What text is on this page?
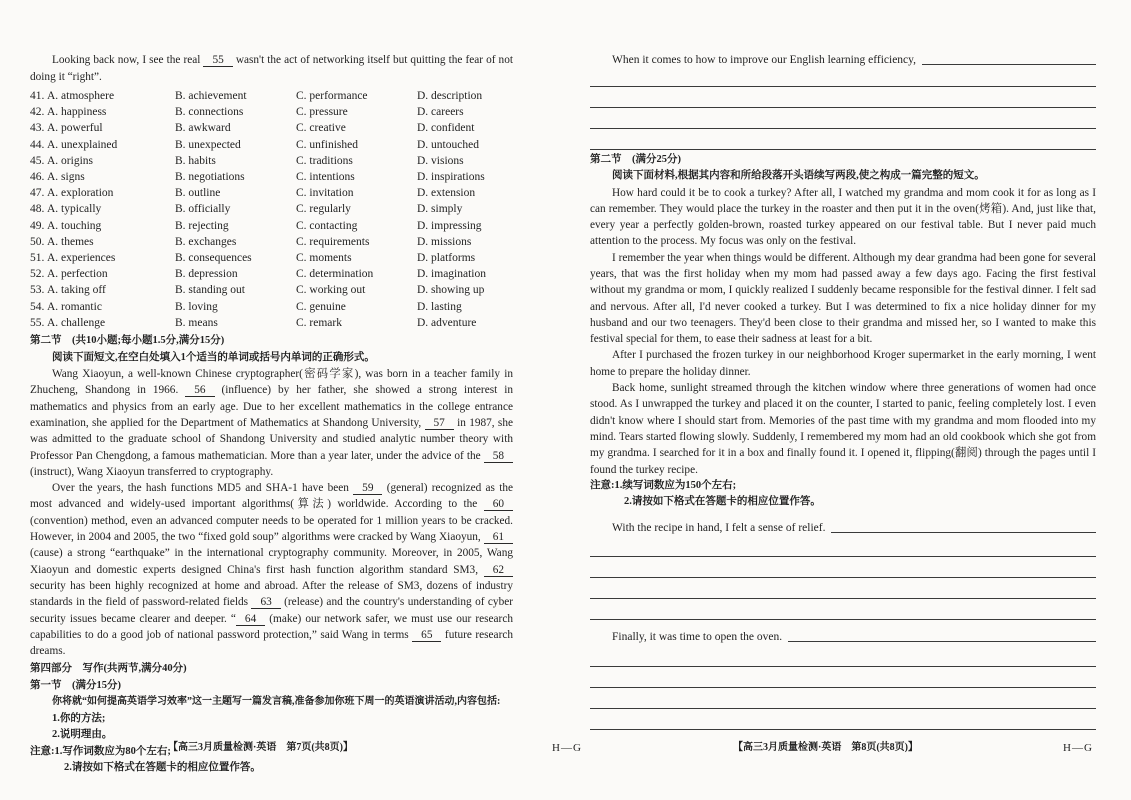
Looking back now, I see the real 55 wasn't the act of networking itself but quitting the fear of not doing it “right”.

41. A. atmosphere	B. achievement	C. performance	D. description
42. A. happiness	B. connections	C. pressure	D. careers
43. A. powerful	B. awkward	C. creative	D. confident
44. A. unexplained	B. unexpected	C. unfinished	D. untouched
45. A. origins	B. habits	C. traditions	D. visions
46. A. signs	B. negotiations	C. intentions	D. inspirations
47. A. exploration	B. outline	C. invitation	D. extension
48. A. typically	B. officially	C. regularly	D. simply
49. A. touching	B. rejecting	C. contacting	D. impressing
50. A. themes	B. exchanges	C. requirements	D. missions
51. A. experiences	B. consequences	C. moments	D. platforms
52. A. perfection	B. depression	C. determination	D. imagination
53. A. taking off	B. standing out	C. working out	D. showing up
54. A. romantic	B. loving	C. genuine	D. lasting
55. A. challenge	B. means	C. remark	D. adventure
第二节　(共10小题;每小题1.5分,满分15分)
阅读下面短文,在空白处填入1个适当的单词或括号内单词的正确形式。

Wang Xiaoyun, a well-known Chinese cryptographer(密码学家), was born in a teacher family in Zhucheng, Shandong in 1966. 56 (influence) by her father, she showed a strong interest in mathematics and physics from an early age. Due to her excellent mathematics in the college entrance examination, she applied for the Department of Mathematics at Shandong University, 57 in 1987, she was admitted to the graduate school of Shandong University and studied analytic number theory with Professor Pan Chengdong, a famous mathematician. More than a year later, under the advice of the 58 (instruct), Wang Xiaoyun transferred to cryptography.

Over the years, the hash functions MD5 and SHA-1 have been 59 (general) recognized as the most advanced and widely-used important algorithms(算法) worldwide. According to the 60 (convention) method, even an advanced computer needs to be operated for 1 million years to be cracked. However, in 2004 and 2005, the two “fixed gold soup” algorithms were cracked by Wang Xiaoyun, 61 (cause) a strong “earthquake” in the international cryptography community. Moreover, in 2005, Wang Xiaoyun and domestic experts designed China's first hash function algorithm standard SM3, 62 security has been highly recognized at home and abroad. After the release of SM3, dozens of industry standards in the field of password-related fields 63 (release) and the country's understanding of cyber security issues became clearer and deeper. “ 64 (make) our network safer, we must use our research capabilities to do a good job of national password protection,” said Wang in terms 65 future research dreams.

第四部分　写作(共两节,满分40分)
第一节　(满分15分)
你将就“如何提高英语学习效率”这一主题写一篇发言稿,准备参加你班下周一的英语演讲活动,内容包括:
1.你的方法;
2.说明理由。
注意:1.写作词数应为80个左右;
2.请按如下格式在答题卡的相应位置作答。
When it comes to how to improve our English learning efficiency,
第二节　(满分25分)
阅读下面材料,根据其内容和所给段落开头语续写两段,使之构成一篇完整的短文。

How hard could it be to cook a turkey? After all, I watched my grandma and mom cook it for as long as I can remember. They would place the turkey in the roaster and then put it in the oven(烤箱). And, just like that, every year a perfectly golden-brown, roasted turkey appeared on our festival table. But I never paid much attention to the process. My focus was only on the festival.

I remember the year when things would be different. Although my dear grandma had been gone for several years, that was the first holiday when my mom had passed away a few days ago. Facing the first festival without my grandma or mom, I quickly realized I suddenly became responsible for the festival dinner. I felt sad and nervous. After all, I'd never cooked a turkey. But I was determined to fix a nice holiday dinner for my husband and our two teenagers. They'd been close to their grandma and missed her, so I wanted to make this festival special for them, to ease their sadness at least for a bit.

After I purchased the frozen turkey in our neighborhood Kroger supermarket in the early morning, I went home to prepare the holiday dinner.

Back home, sunlight streamed through the kitchen window where three generations of women had once stood. As I unwrapped the turkey and placed it on the counter, I started to panic, feeling completely lost. I even didn't know where I should start from. Memories of the past time with my grandma and mom flooded into my mind. Tears started flowing slowly. Suddenly, I remembered my mom had an old cookbook which she got from my grandma. I searched for it in a box and finally found it. I opened it, flipping(翻阅) through the pages until I found the turkey recipe.

注意:1.续写词数应为150个左右;
2.请按如下格式在答题卡的相应位置作答。
With the recipe in hand, I felt a sense of relief.
Finally, it was time to open the oven.
【高三3月质量检测·英语　第7页(共8页)】	H—G	【高三3月质量检测·英语　第8页(共8页)】	H—G
